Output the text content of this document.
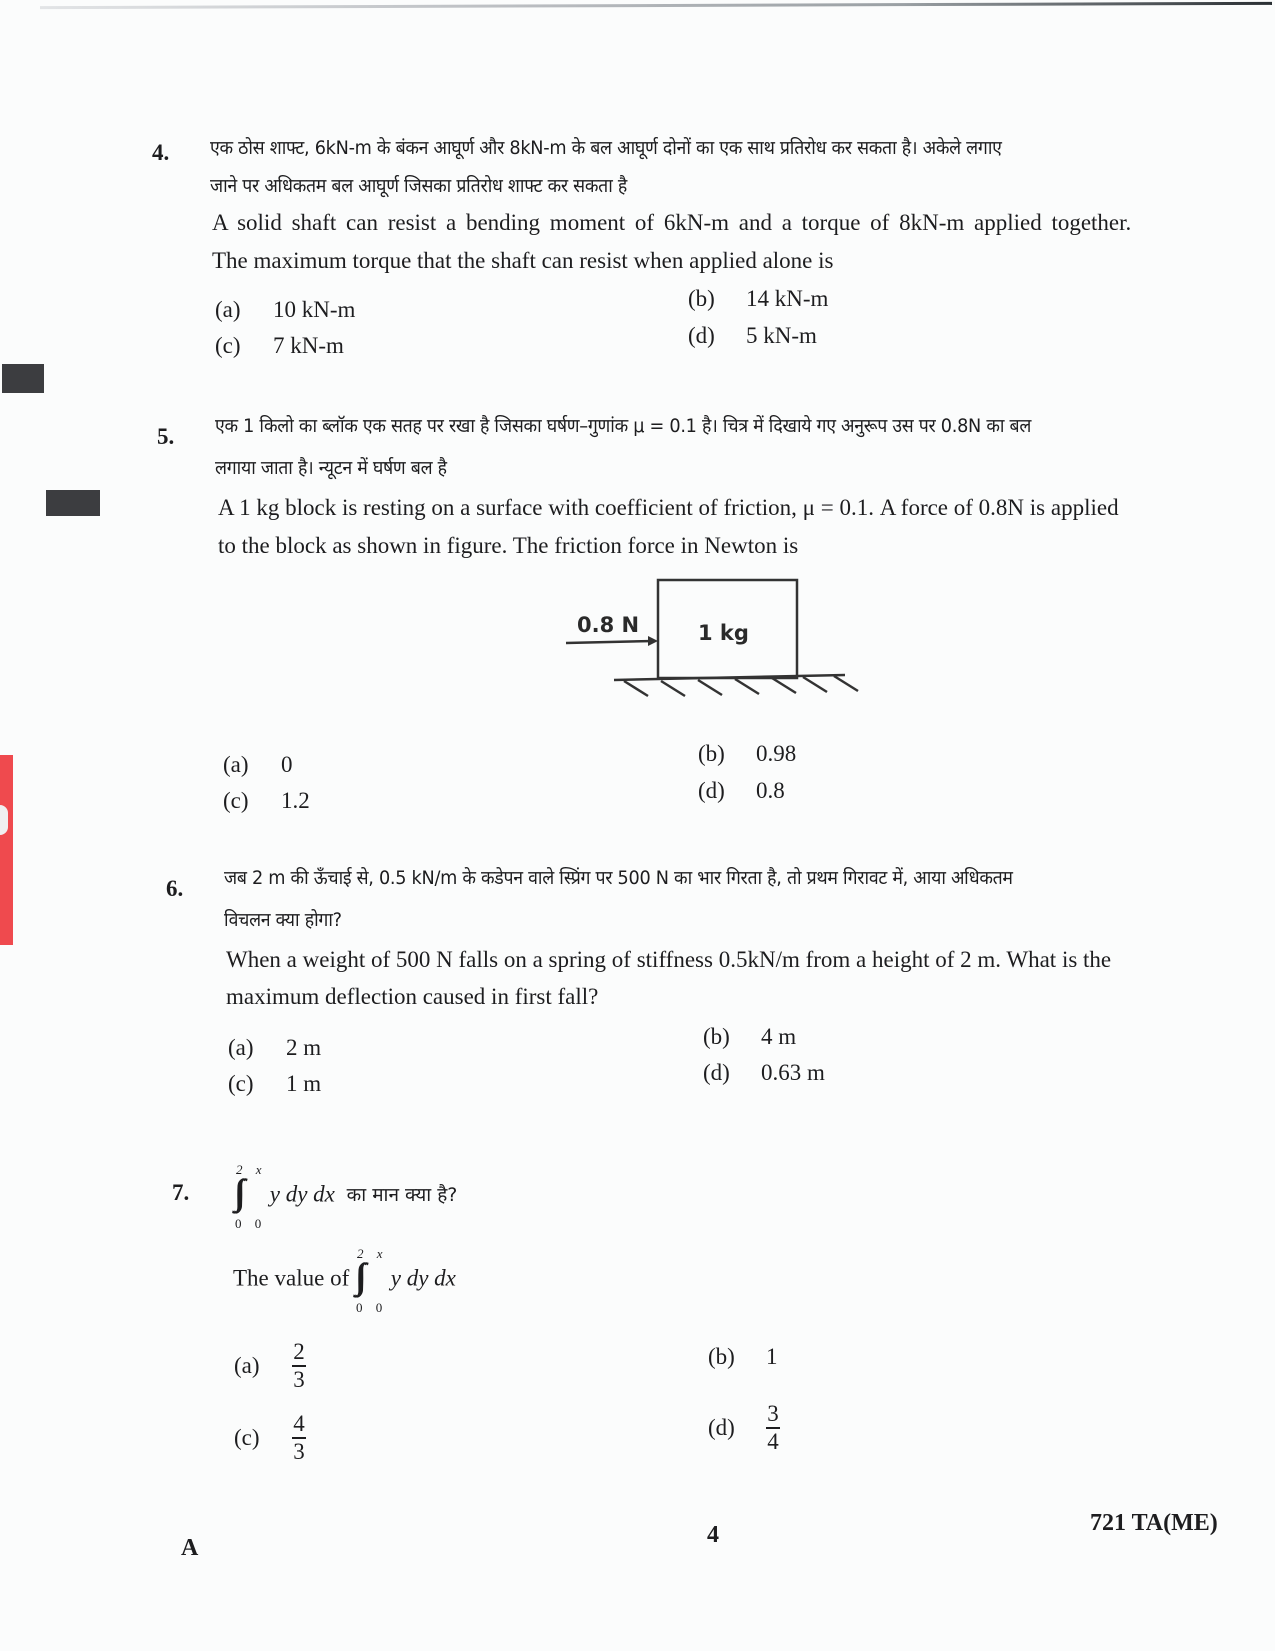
4. एक ठोस शाफ्ट, 6kN-m के बंकन आघूर्ण और 8kN-m के बल आघूर्ण दोनों का एक साथ प्रतिरोध कर सकता है। अकेले लगाए
जाने पर अधिकतम बल आघूर्ण जिसका प्रतिरोध शाफ्ट कर सकता है
A solid shaft can resist a bending moment of 6kN-m and a torque of 8kN-m applied together.
The maximum torque that the shaft can resist when applied alone is
(a) 10 kN-m	(b) 14 kN-m
(c) 7 kN-m	(d) 5 kN-m
5. एक 1 किलो का ब्लॉक एक सतह पर रखा है जिसका घर्षण–गुणांक μ = 0.1 है। चित्र में दिखाये गए अनुरूप उस पर 0.8N का बल
लगाया जाता है। न्यूटन में घर्षण बल है
A 1 kg block is resting on a surface with coefficient of friction, μ = 0.1. A force of 0.8N is applied
to the block as shown in figure. The friction force in Newton is
0.8 N	1 kg
(a) 0	(b) 0.98
(c) 1.2	(d) 0.8
6. जब 2 m की ऊँचाई से, 0.5 kN/m के कडेपन वाले स्प्रिंग पर 500 N का भार गिरता है, तो प्रथम गिरावट में, आया अधिकतम
विचलन क्या होगा?
When a weight of 500 N falls on a spring of stiffness 0.5kN/m from a height of 2 m. What is the
maximum deflection caused in first fall?
(a) 2 m	(b) 4 m
(c) 1 m	(d) 0.63 m
7.
2 x
∫∫
0 0
y dy dx का मान क्या है?
The value of
2 x
∫∫
0 0
y dy dx
$(a) \frac{2}{3}$	(b) 1
$(c) \frac{4}{3}$	$(d) \frac{3}{4}$
A	4	721 TA(ME)
